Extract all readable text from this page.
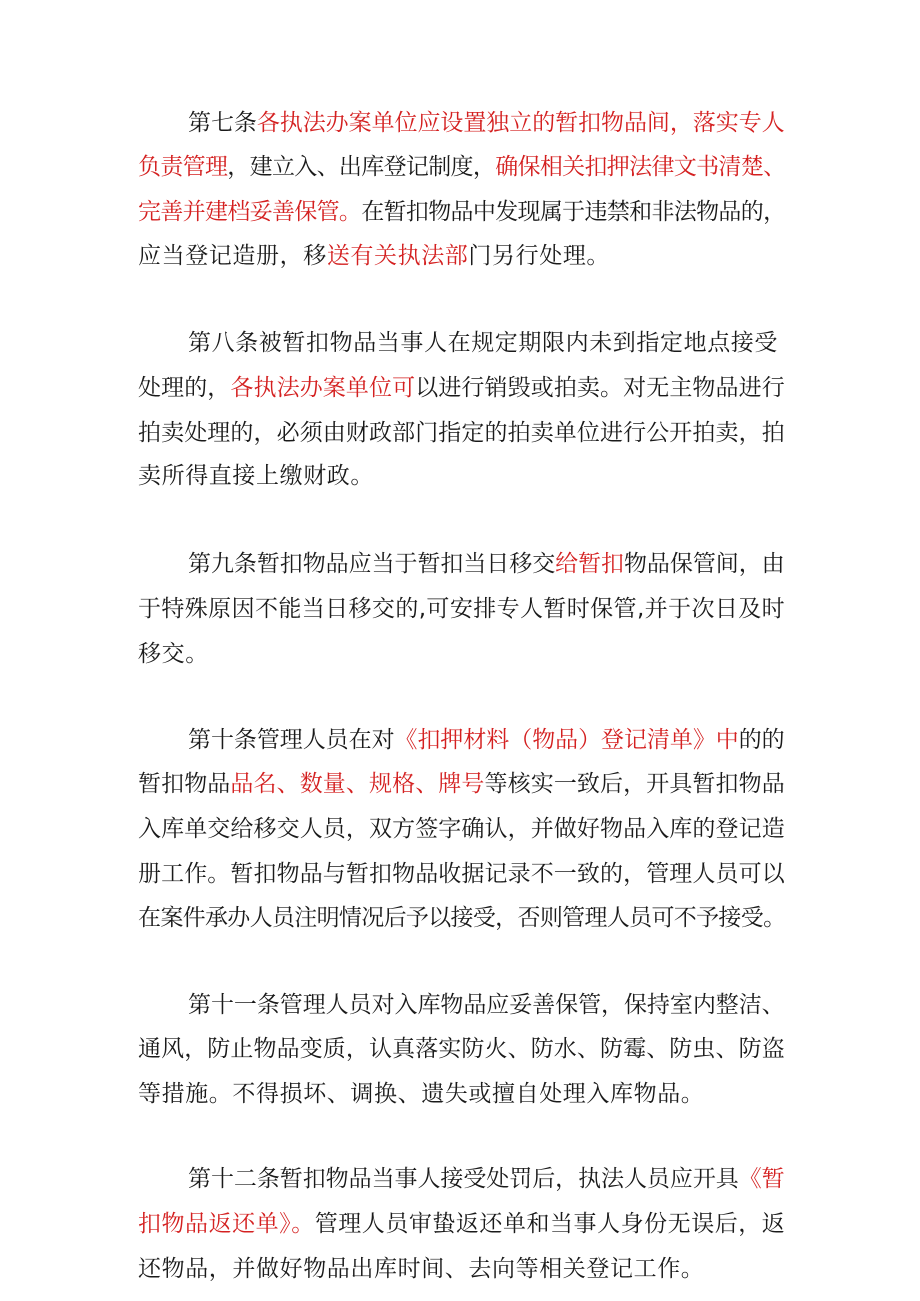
第七条各执法办案单位应设置独立的暂扣物品间，落实专人
负责管理，建立入、出库登记制度，确保相关扣押法律文书清楚、
完善并建档妥善保管。在暂扣物品中发现属于违禁和非法物品的，
应当登记造册，移送有关执法部门另行处理。
第八条被暂扣物品当事人在规定期限内未到指定地点接受
处理的，各执法办案单位可以进行销毁或拍卖。对无主物品进行
拍卖处理的，必须由财政部门指定的拍卖单位进行公开拍卖，拍
卖所得直接上缴财政。
第九条暂扣物品应当于暂扣当日移交给暂扣物品保管间，由
于特殊原因不能当日移交的,可安排专人暂时保管,并于次日及时
移交。
第十条管理人员在对《扣押材料（物品）登记清单》中的的
暂扣物品品名、数量、规格、牌号等核实一致后，开具暂扣物品
入库单交给移交人员，双方签字确认，并做好物品入库的登记造
册工作。暂扣物品与暂扣物品收据记录不一致的，管理人员可以
在案件承办人员注明情况后予以接受，否则管理人员可不予接受。
第十一条管理人员对入库物品应妥善保管，保持室内整洁、
通风，防止物品变质，认真落实防火、防水、防霉、防虫、防盗
等措施。不得损坏、调换、遗失或擅自处理入库物品。
第十二条暂扣物品当事人接受处罚后，执法人员应开具《暂
扣物品返还单》。管理人员审蛰返还单和当事人身份无误后，返
还物品，并做好物品出库时间、去向等相关登记工作。
